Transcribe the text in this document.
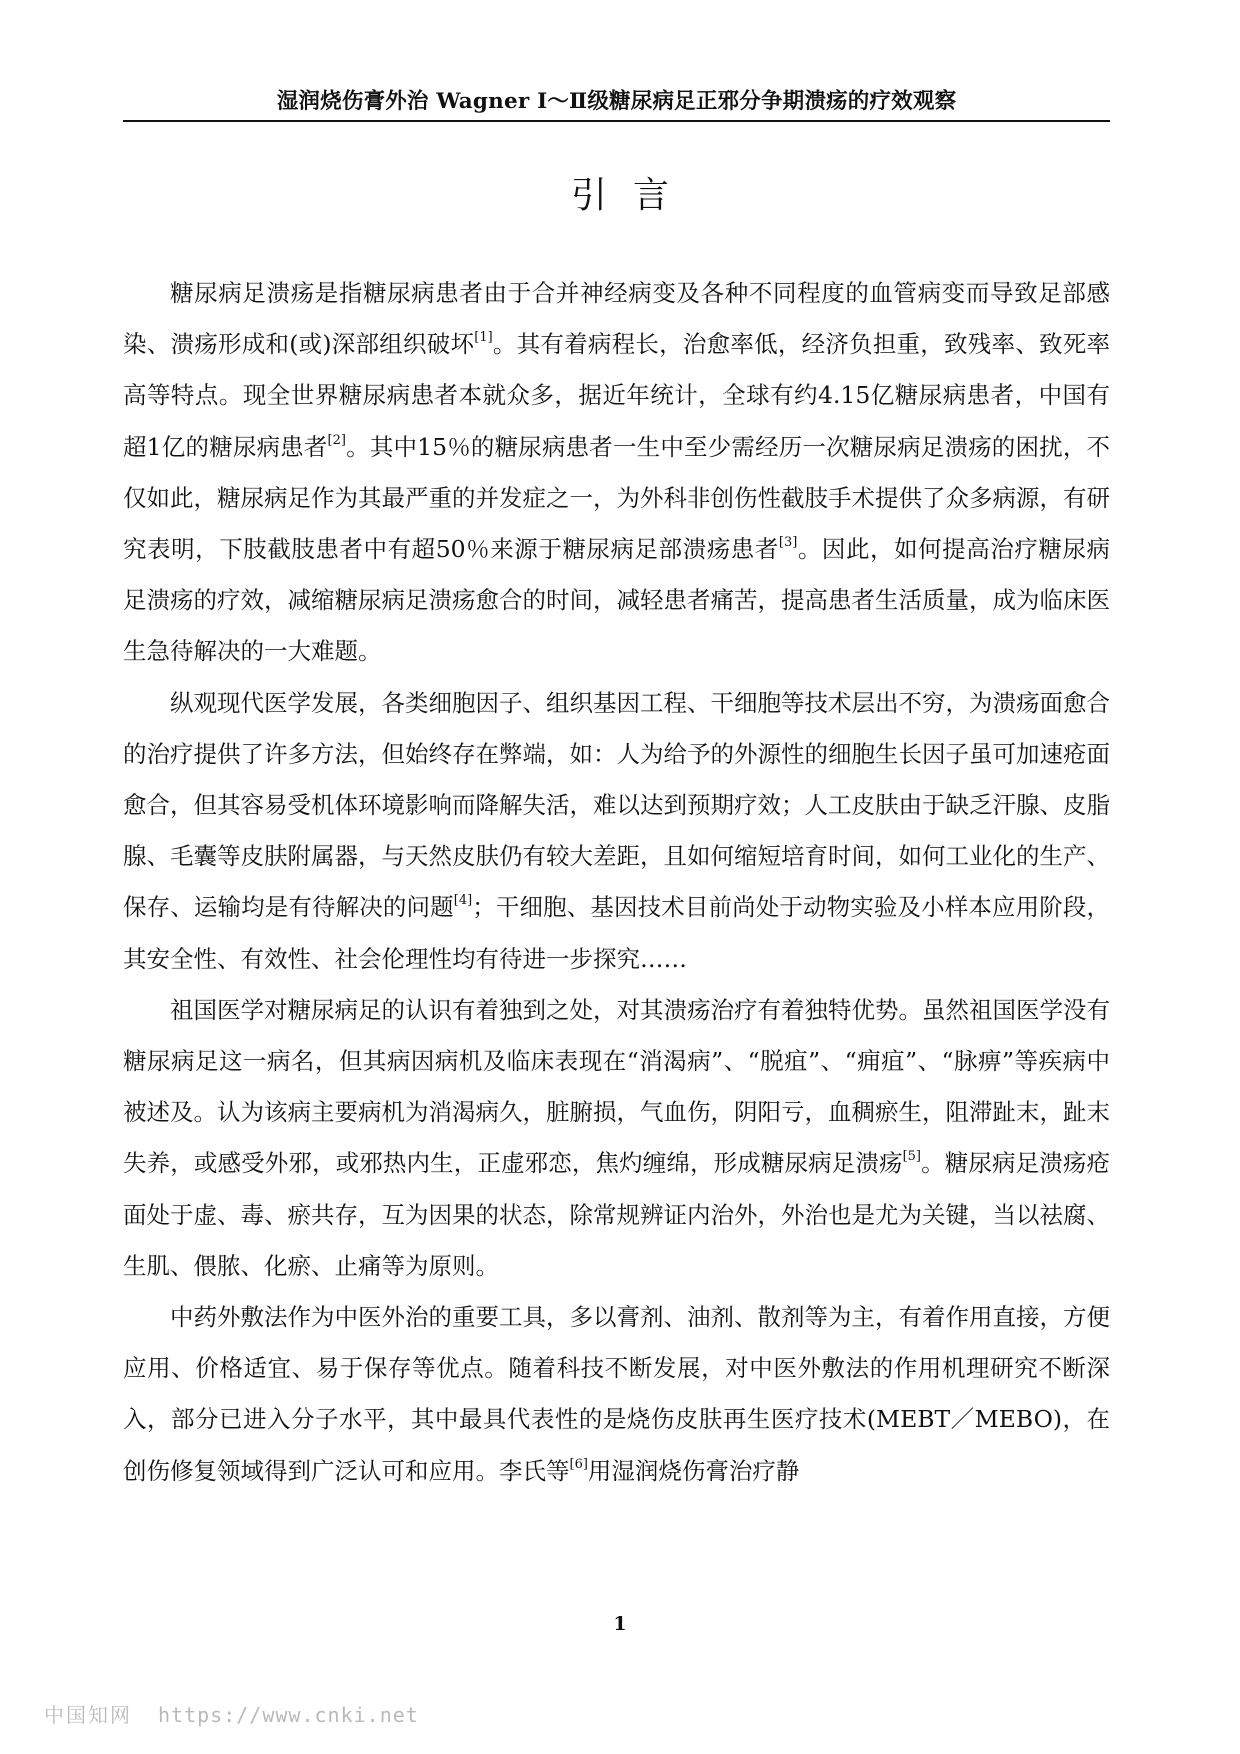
湿润烧伤膏外治 Wagner Ⅰ～Ⅱ级糖尿病足正邪分争期溃疡的疗效观察
引言

糖尿病足溃疡是指糖尿病患者由于合并神经病变及各种不同程度的血管病变而导致足部感染、溃疡形成和(或)深部组织破坏[1]。其有着病程长，治愈率低，经济负担重，致残率、致死率高等特点。现全世界糖尿病患者本就众多，据近年统计，全球有约4.15亿糖尿病患者，中国有超1亿的糖尿病患者[2]。其中15％的糖尿病患者一生中至少需经历一次糖尿病足溃疡的困扰，不仅如此，糖尿病足作为其最严重的并发症之一，为外科非创伤性截肢手术提供了众多病源，有研究表明，下肢截肢患者中有超50％来源于糖尿病足部溃疡患者[3]。因此，如何提高治疗糖尿病足溃疡的疗效，减缩糖尿病足溃疡愈合的时间，减轻患者痛苦，提高患者生活质量，成为临床医生急待解决的一大难题。

纵观现代医学发展，各类细胞因子、组织基因工程、干细胞等技术层出不穷，为溃疡面愈合的治疗提供了许多方法，但始终存在弊端，如：人为给予的外源性的细胞生长因子虽可加速疮面愈合，但其容易受机体环境影响而降解失活，难以达到预期疗效；人工皮肤由于缺乏汗腺、皮脂腺、毛囊等皮肤附属器，与天然皮肤仍有较大差距，且如何缩短培育时间，如何工业化的生产、保存、运输均是有待解决的问题[4]；干细胞、基因技术目前尚处于动物实验及小样本应用阶段，其安全性、有效性、社会伦理性均有待进一步探究……

祖国医学对糖尿病足的认识有着独到之处，对其溃疡治疗有着独特优势。虽然祖国医学没有糖尿病足这一病名，但其病因病机及临床表现在“消渴病”、“脱疽”、“痈疽”、“脉痹”等疾病中被述及。认为该病主要病机为消渴病久，脏腑损，气血伤，阴阳亏，血稠瘀生，阻滞趾末，趾末失养，或感受外邪，或邪热内生，正虚邪恋，焦灼缠绵，形成糖尿病足溃疡[5]。糖尿病足溃疡疮面处于虚、毒、瘀共存，互为因果的状态，除常规辨证内治外，外治也是尤为关键，当以祛腐、生肌、偎脓、化瘀、止痛等为原则。

中药外敷法作为中医外治的重要工具，多以膏剂、油剂、散剂等为主，有着作用直接，方便应用、价格适宜、易于保存等优点。随着科技不断发展，对中医外敷法的作用机理研究不断深入，部分已进入分子水平，其中最具代表性的是烧伤皮肤再生医疗技术(MEBT／MEBO)，在创伤修复领域得到广泛认可和应用。李氏等[6]用湿润烧伤膏治疗静

1
中国知网 https://www.cnki.net
